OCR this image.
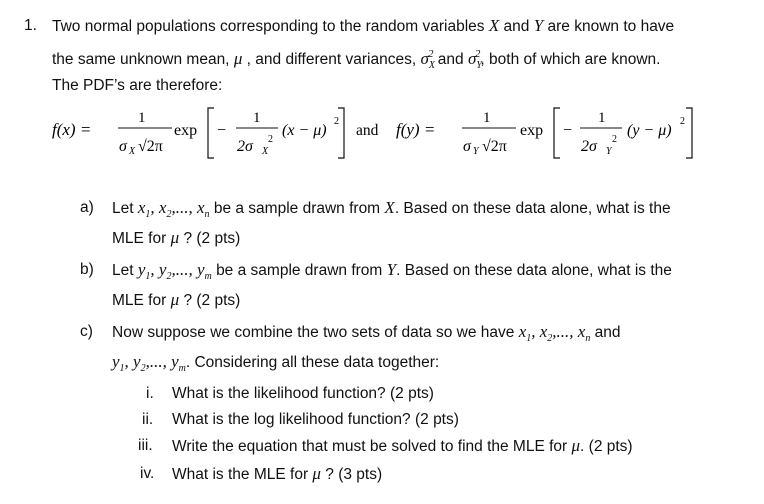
1. Two normal populations corresponding to the random variables X and Y are known to have
the same unknown mean, μ , and different variances, $\sigma_X^2$ and $\sigma_Y^2$, both of which are known.
The PDF’s are therefore:
f(x) =
1
σ X √2π
exp −
1
2σ X
2
(x − μ)
2
and f(y) =
1
σ Y √2π
exp −
1
2σ Y
2
(y − μ)
2
a) Let $x_1$, $x_2$,..., $x_n$ be a sample drawn from X. Based on these data alone, what is the
MLE for μ ? (2 pts)
b) Let $y_1$, $y_2$,..., $y_m$ be a sample drawn from Y. Based on these data alone, what is the
MLE for μ ? (2 pts)
c) Now suppose we combine the two sets of data so we have $x_1$, $x_2$,..., $x_n$ and
$y_1$, $y_2$,..., $y_m$. Considering all these data together:
i. What is the likelihood function? (2 pts)
ii. What is the log likelihood function? (2 pts)
iii. Write the equation that must be solved to find the MLE for μ. (2 pts)
iv. What is the MLE for μ ? (3 pts)
